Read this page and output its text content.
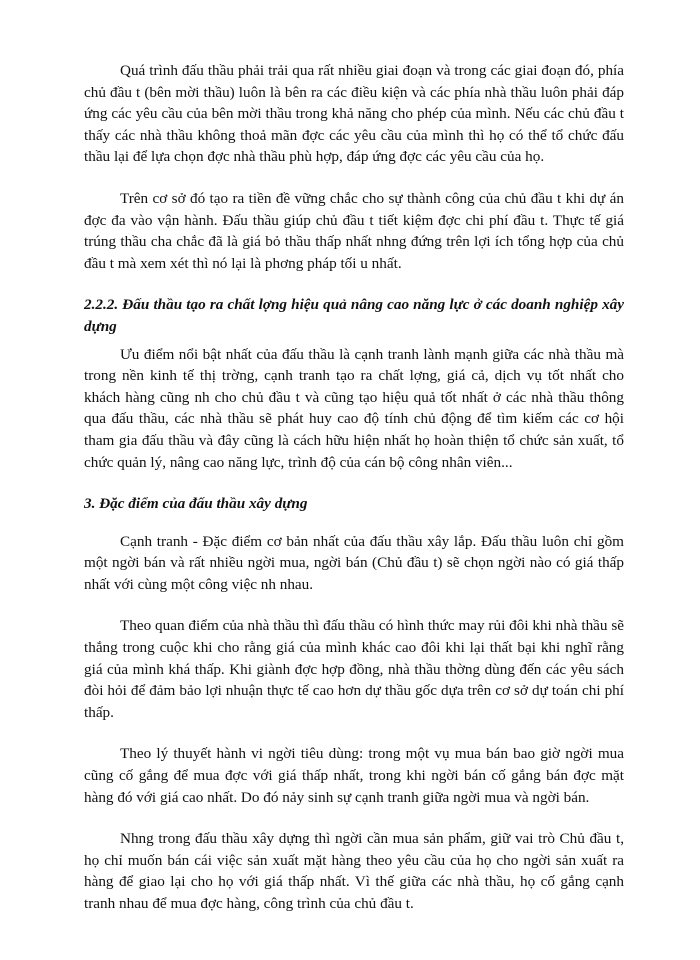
Quá trình đấu thầu phải trải qua rất nhiều giai đoạn và trong các giai đoạn đó, phía chủ đầu t (bên mời thầu) luôn là bên ra các điều kiện và các phía nhà thầu luôn phải đáp ứng các yêu cầu của bên mời thầu trong khả năng cho phép của mình. Nếu các chủ đầu t thấy các nhà thầu không thoả mãn đợc các yêu cầu của mình thì họ có thể tổ chức đấu thầu lại để lựa chọn đợc nhà thầu phù hợp, đáp ứng đợc các yêu cầu của họ.

Trên cơ sở đó tạo ra tiền đề vững chắc cho sự thành công của chủ đầu t khi dự án đợc đa vào vận hành. Đấu thầu giúp chủ đầu t tiết kiệm đợc chi phí đầu t. Thực tế giá trúng thầu cha chắc đã là giá bỏ thầu thấp nhất nhng đứng trên lợi ích tổng hợp của chủ đầu t mà xem xét thì nó lại là phơng pháp tối u nhất.

2.2.2. Đấu thầu tạo ra chất lợng hiệu quả nâng cao năng lực ở các doanh nghiệp xây dựng

Ưu điểm nổi bật nhất của đấu thầu là cạnh tranh lành mạnh giữa các nhà thầu mà trong nền kinh tế thị trờng, cạnh tranh tạo ra chất lợng, giá cả, dịch vụ tốt nhất cho khách hàng cũng nh cho chủ đầu t và cũng tạo hiệu quả tốt nhất ở các nhà thầu thông qua đấu thầu, các nhà thầu sẽ phát huy cao độ tính chủ động để tìm kiếm các cơ hội tham gia đấu thầu và đây cũng là cách hữu hiện nhất họ hoàn thiện tổ chức sản xuất, tổ chức quản lý, nâng cao năng lực, trình độ của cán bộ công nhân viên...

3. Đặc điểm của đấu thầu xây dựng

Cạnh tranh - Đặc điểm cơ bản nhất của đấu thầu xây lắp. Đấu thầu luôn chỉ gồm một ngời bán và rất nhiều ngời mua, ngời bán (Chủ đầu t) sẽ chọn ngời nào có giá thấp nhất với cùng một công việc nh nhau.

Theo quan điểm của nhà thầu thì đấu thầu có hình thức may rủi đôi khi nhà thầu sẽ thắng trong cuộc khi cho rằng giá của mình khác cao đôi khi lại thất bại khi nghĩ rằng giá của mình khá thấp. Khi giành đợc hợp đồng, nhà thầu thờng dùng đến các yêu sách đòi hỏi để đảm bảo lợi nhuận thực tế cao hơn dự thầu gốc dựa trên cơ sở dự toán chi phí thấp.

Theo lý thuyết hành vi ngời tiêu dùng: trong một vụ mua bán bao giờ ngời mua cũng cố gắng để mua đợc với giá thấp nhất, trong khi ngời bán cố gắng bán đợc mặt hàng đó với giá cao nhất. Do đó nảy sinh sự cạnh tranh giữa ngời mua và ngời bán.

Nhng trong đấu thầu xây dựng thì ngời cần mua sản phẩm, giữ vai trò Chủ đầu t, họ chỉ muốn bán cái việc sản xuất mặt hàng theo yêu cầu của họ cho ngời sản xuất ra hàng để giao lại cho họ với giá thấp nhất. Vì thế giữa các nhà thầu, họ cố gắng cạnh tranh nhau để mua đợc hàng, công trình của chủ đầu t.
